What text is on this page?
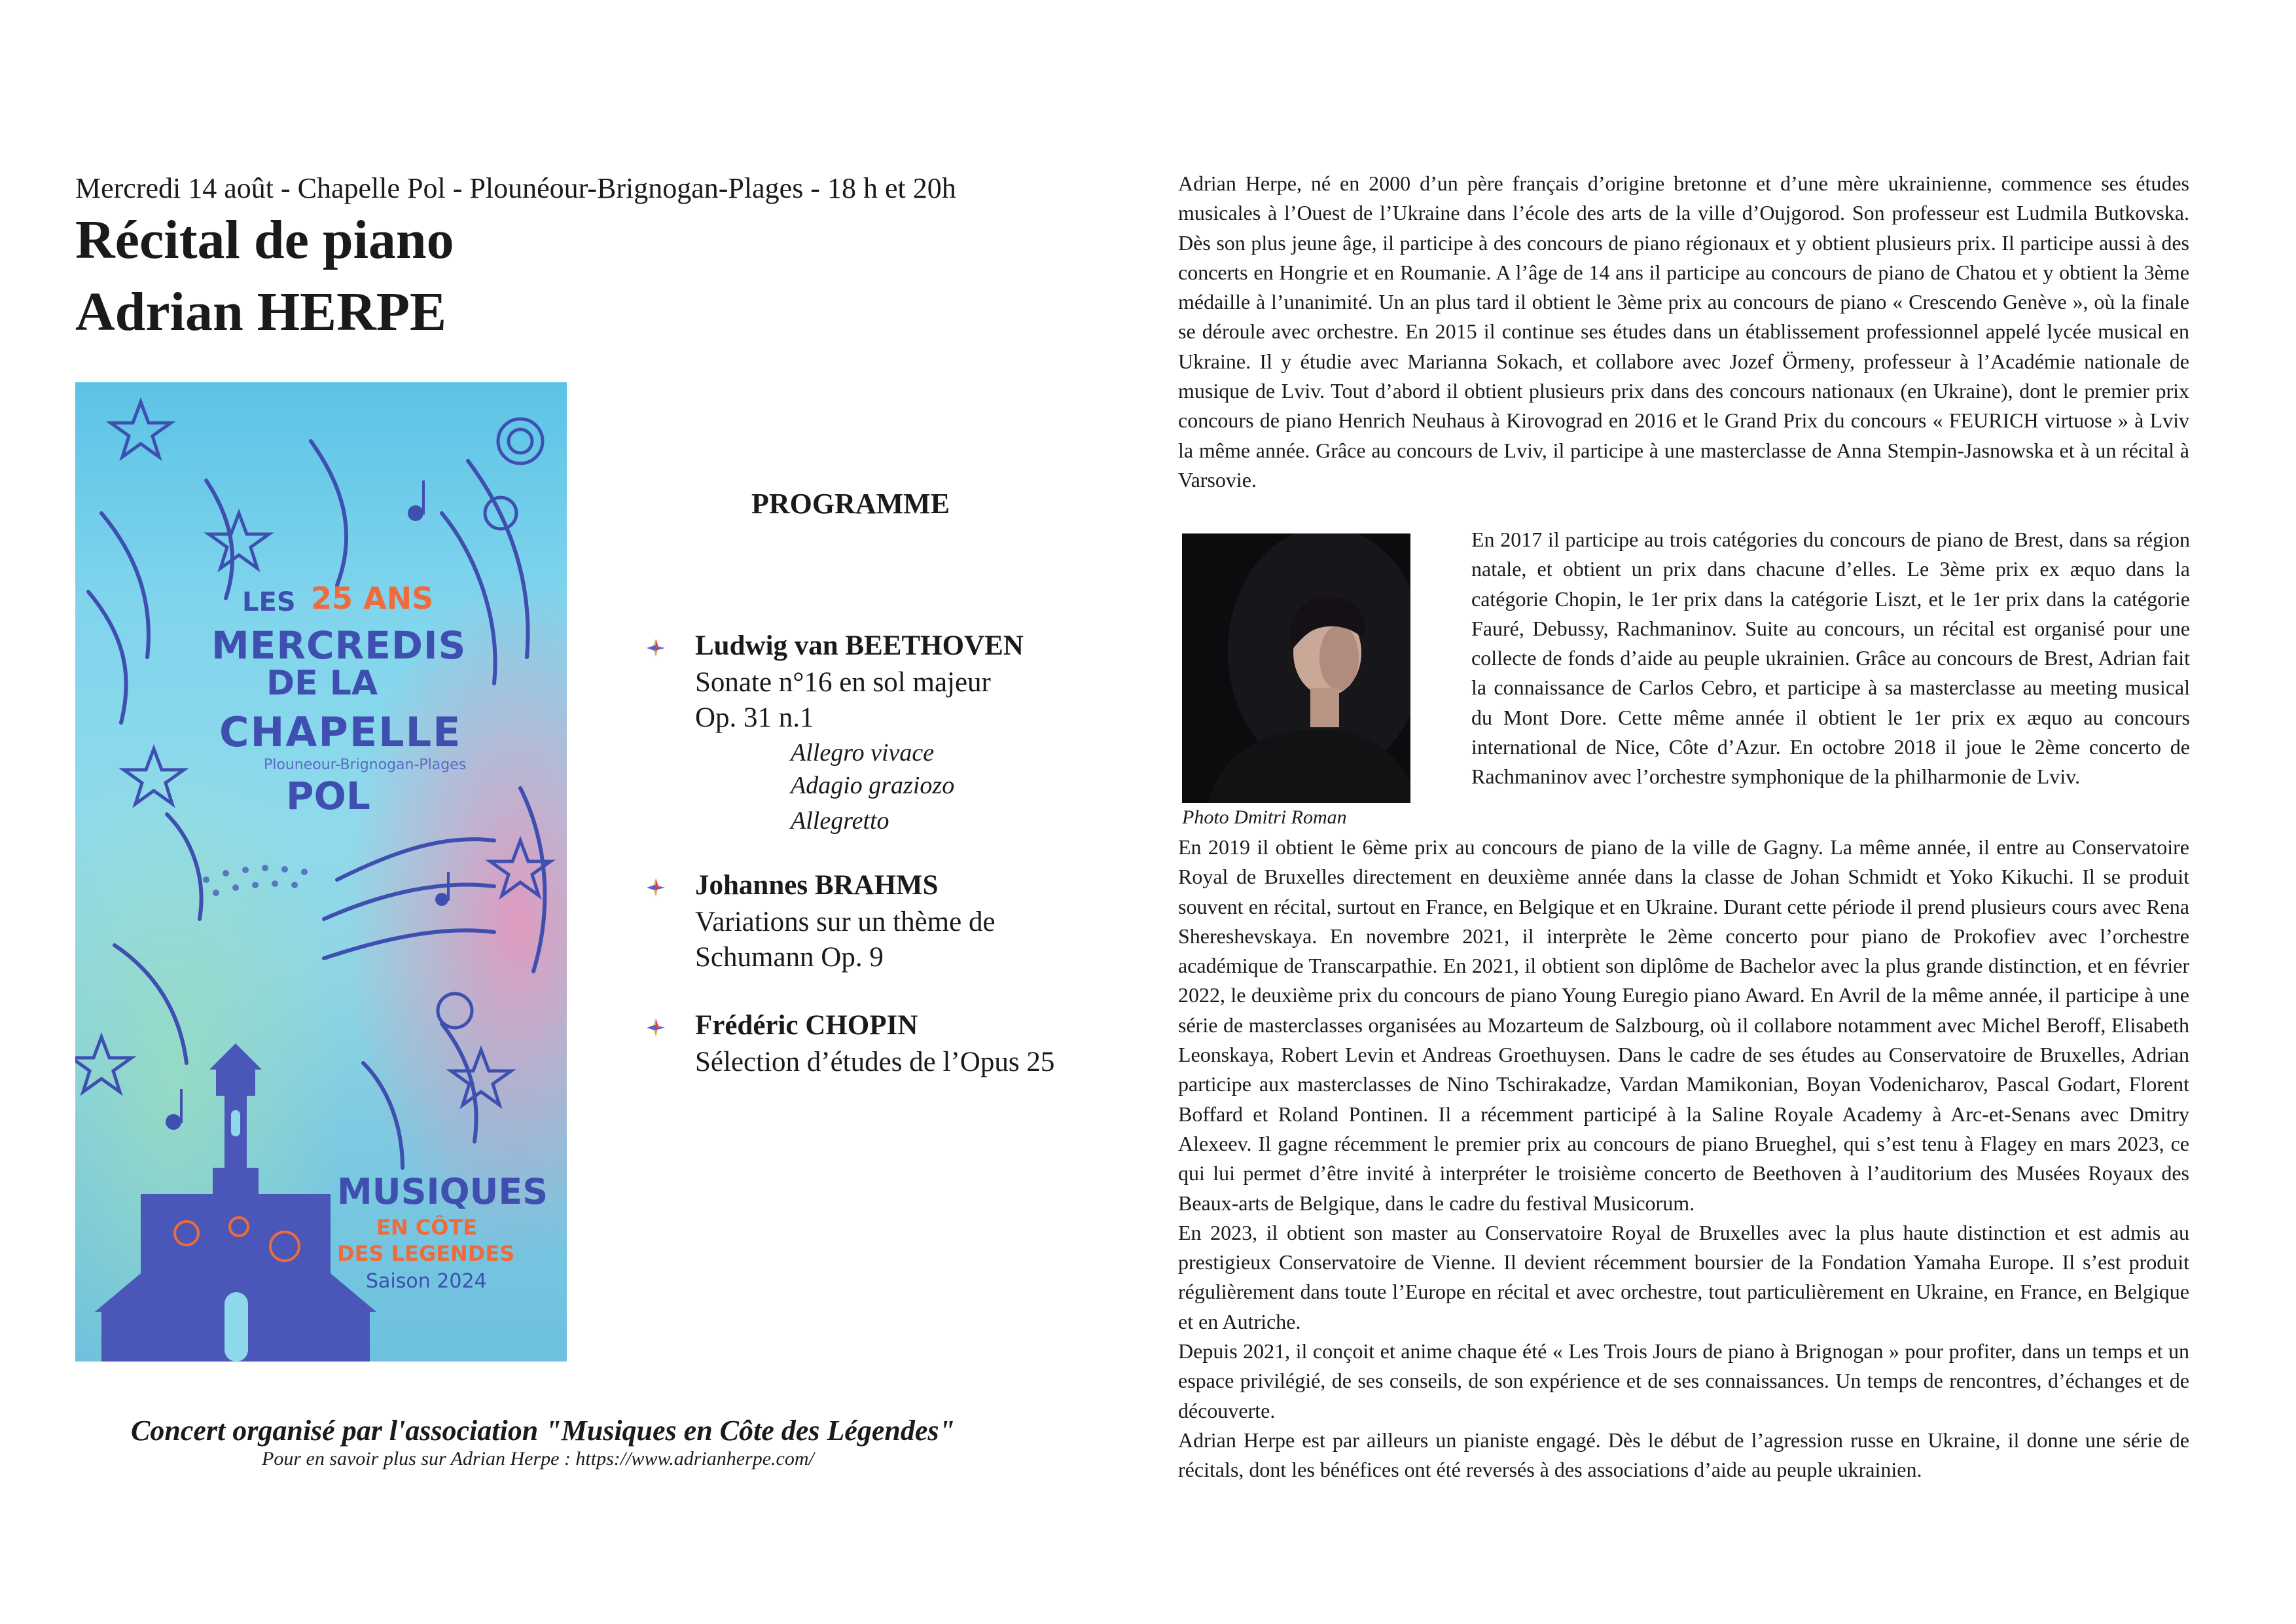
Mercredi 14 août - Chapelle Pol - Plounéour-Brignogan-Plages - 18 h et 20h
Récital de piano
Adrian HERPE
LES 25 ANS
MERCREDIS
DE LA
CHAPELLE
Plouneour-Brignogan-Plages
POL
MUSIQUES
EN CÔTE
DES LEGENDES
Saison 2024
PROGRAMME
Ludwig van BEETHOVEN
Sonate n°16 en sol majeur
Op. 31 n.1
Allegro vivace
Adagio graziozo
Allegretto
Johannes BRAHMS
Variations sur un thème de
Schumann Op. 9
Frédéric CHOPIN
Sélection d’études de l’Opus 25
Concert organisé par l'association "Musiques en Côte des Légendes"
Pour en savoir plus sur Adrian Herpe : https://www.adrianherpe.com/
Adrian Herpe, né en 2000 d’un père français d’origine bretonne et d’une mère ukrainienne, commence ses études musicales à l’Ouest de l’Ukraine dans l’école des arts de la ville d’Oujgorod. Son professeur est Ludmila Butkovska. Dès son plus jeune âge, il participe à des concours de piano régionaux et y obtient plusieurs prix. Il participe aussi à des concerts en Hongrie et en Roumanie. A l’âge de 14 ans il participe au concours de piano de Chatou et y obtient la 3ème médaille à l’unanimité. Un an plus tard il obtient le 3ème prix au concours de piano « Crescendo Genève », où la finale se déroule avec orchestre. En 2015 il continue ses études dans un établissement professionnel appelé lycée musical en Ukraine. Il y étudie avec Marianna Sokach, et collabore avec Jozef Örmeny, professeur à l’Académie nationale de musique de Lviv. Tout d’abord il obtient plusieurs prix dans des concours nationaux (en Ukraine), dont le premier prix concours de piano Henrich Neuhaus à Kirovograd en 2016 et le Grand Prix du concours « FEURICH virtuose » à Lviv la même année. Grâce au concours de Lviv, il participe à une masterclasse de Anna Stempin-Jasnowska et à un récital à Varsovie.
Photo Dmitri Roman
En 2017 il participe au trois catégories du concours de piano de Brest, dans sa région natale, et obtient un prix dans chacune d’elles. Le 3ème prix ex æquo dans la catégorie Chopin, le 1er prix dans la catégorie Liszt, et le 1er prix dans la catégorie Fauré, Debussy, Rachmaninov. Suite au concours, un récital est organisé pour une collecte de fonds d’aide au peuple ukrainien. Grâce au concours de Brest, Adrian fait la connaissance de Carlos Cebro, et participe à sa masterclasse au meeting musical du Mont Dore. Cette même année il obtient le 1er prix ex æquo au concours international de Nice, Côte d’Azur. En octobre 2018 il joue le 2ème concerto de Rachmaninov avec l’orchestre symphonique de la philharmonie de Lviv.
En 2019 il obtient le 6ème prix au concours de piano de la ville de Gagny. La même année, il entre au Conservatoire Royal de Bruxelles directement en deuxième année dans la classe de Johan Schmidt et Yoko Kikuchi. Il se produit souvent en récital, surtout en France, en Belgique et en Ukraine. Durant cette période il prend plusieurs cours avec Rena Shereshevskaya. En novembre 2021, il interprète le 2ème concerto pour piano de Prokofiev avec l’orchestre académique de Transcarpathie. En 2021, il obtient son diplôme de Bachelor avec la plus grande distinction, et en février 2022, le deuxième prix du concours de piano Young Euregio piano Award. En Avril de la même année, il participe à une série de masterclasses organisées au Mozarteum de Salzbourg, où il collabore notamment avec Michel Beroff, Elisabeth Leonskaya, Robert Levin et Andreas Groethuysen. Dans le cadre de ses études au Conservatoire de Bruxelles, Adrian participe aux masterclasses de Nino Tschirakadze, Vardan Mamikonian, Boyan Vodenicharov, Pascal Godart, Florent Boffard et Roland Pontinen. Il a récemment participé à la Saline Royale Academy à Arc-et-Senans avec Dmitry Alexeev. Il gagne récemment le premier prix au concours de piano Brueghel, qui s’est tenu à Flagey en mars 2023, ce qui lui permet d’être invité à interpréter le troisième concerto de Beethoven à l’auditorium des Musées Royaux des Beaux-arts de Belgique, dans le cadre du festival Musicorum.
En 2023, il obtient son master au Conservatoire Royal de Bruxelles avec la plus haute distinction et est admis au prestigieux Conservatoire de Vienne. Il devient récemment boursier de la Fondation Yamaha Europe. Il s’est produit régulièrement dans toute l’Europe en récital et avec orchestre, tout particulièrement en Ukraine, en France, en Belgique et en Autriche.
Depuis 2021, il conçoit et anime chaque été « Les Trois Jours de piano à Brignogan » pour profiter, dans un temps et un espace privilégié, de ses conseils, de son expérience et de ses connaissances. Un temps de rencontres, d’échanges et de découverte.
Adrian Herpe est par ailleurs un pianiste engagé. Dès le début de l’agression russe en Ukraine, il donne une série de récitals, dont les bénéfices ont été reversés à des associations d’aide au peuple ukrainien.
